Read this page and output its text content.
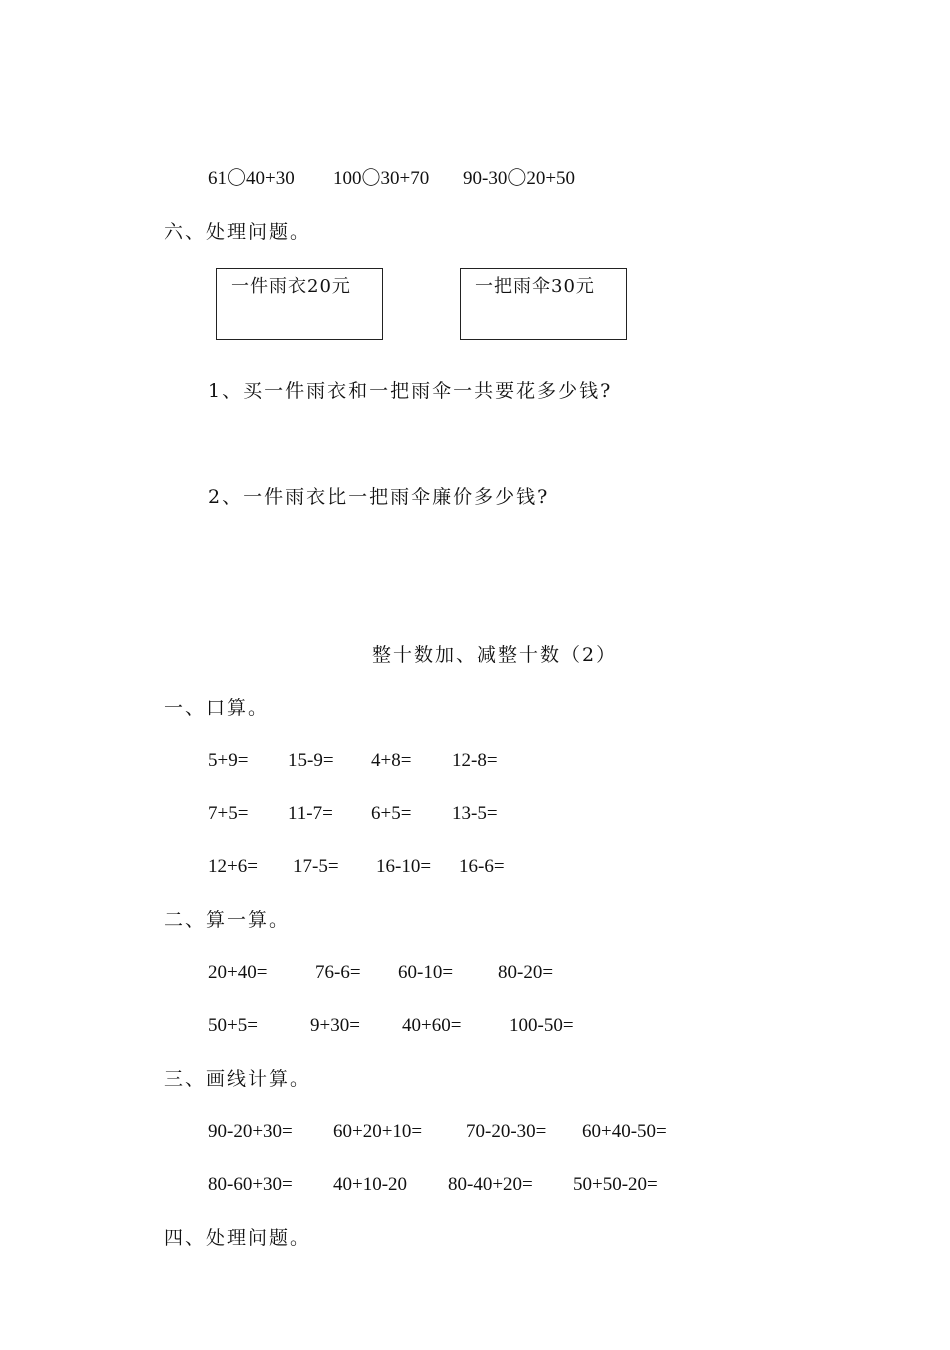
61〇40+30 100〇30+70 90-30〇20+50
六、处理问题。
一件雨衣20元	一把雨伞30元
1、买一件雨衣和一把雨伞一共要花多少钱?
2、一件雨衣比一把雨伞廉价多少钱?
整十数加、减整十数（2）
一、口算。
5+9= 15-9= 4+8= 12-8=
7+5= 11-7= 6+5= 13-5=
12+6= 17-5= 16-10= 16-6=
二、算一算。
20+40=	76-6= 60-10= 80-20=
50+5=	9+30= 40+60=	100-50=
三、画线计算。
90-20+30= 60+20+10= 70-20-30= 60+40-50=
80-60+30= 40+10-20 80-40+20= 50+50-20=
四、处理问题。
